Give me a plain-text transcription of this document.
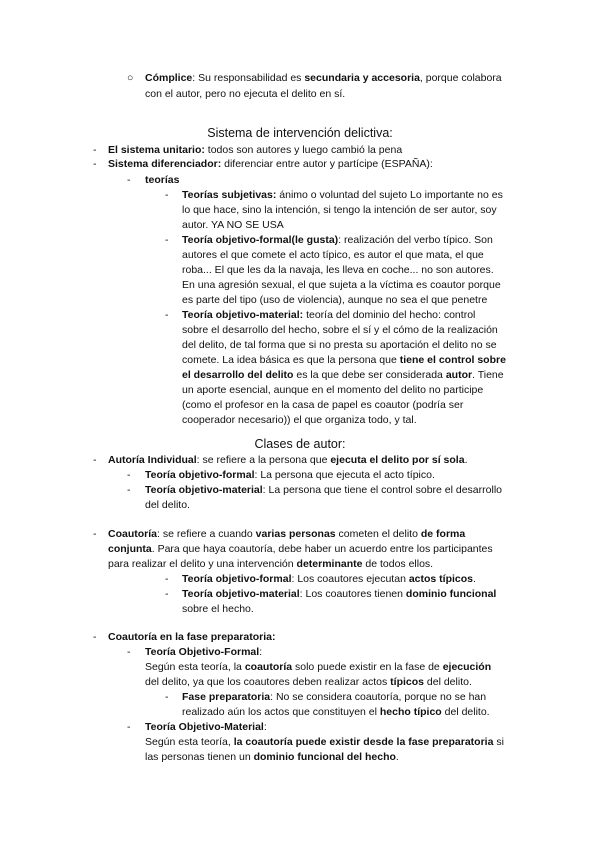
○ Cómplice: Su responsabilidad es secundaria y accesoria, porque colabora
con el autor, pero no ejecuta el delito en sí.
Sistema de intervención delictiva:
- El sistema unitario: todos son autores y luego cambió la pena
- Sistema diferenciador: diferenciar entre autor y partícipe (ESPAÑA):
- teorías
- Teorías subjetivas: ánimo o voluntad del sujeto Lo importante no es
lo que hace, sino la intención, si tengo la intención de ser autor, soy
autor. YA NO SE USA
- Teoría objetivo-formal(le gusta): realización del verbo típico. Son
autores el que comete el acto típico, es autor el que mata, el que
roba... El que les da la navaja, les lleva en coche... no son autores.
En una agresión sexual, el que sujeta a la víctima es coautor porque
es parte del tipo (uso de violencia), aunque no sea el que penetre
- Teoría objetivo-material: teoría del dominio del hecho: control
sobre el desarrollo del hecho, sobre el sí y el cómo de la realización
del delito, de tal forma que si no presta su aportación el delito no se
comete. La idea básica es que la persona que tiene el control sobre
el desarrollo del delito es la que debe ser considerada autor. Tiene
un aporte esencial, aunque en el momento del delito no participe
(como el profesor en la casa de papel es coautor (podría ser
cooperador necesario)) el que organiza todo, y tal.
Clases de autor:
- Autoría Individual: se refiere a la persona que ejecuta el delito por sí sola.
- Teoría objetivo-formal: La persona que ejecuta el acto típico.
- Teoría objetivo-material: La persona que tiene el control sobre el desarrollo
del delito.
- Coautoría: se refiere a cuando varias personas cometen el delito de forma
conjunta. Para que haya coautoría, debe haber un acuerdo entre los participantes
para realizar el delito y una intervención determinante de todos ellos.
- Teoría objetivo-formal: Los coautores ejecutan actos típicos.
- Teoría objetivo-material: Los coautores tienen dominio funcional
sobre el hecho.
- Coautoría en la fase preparatoria:
- Teoría Objetivo-Formal:
Según esta teoría, la coautoría solo puede existir en la fase de ejecución
del delito, ya que los coautores deben realizar actos típicos del delito.
- Fase preparatoria: No se considera coautoría, porque no se han
realizado aún los actos que constituyen el hecho típico del delito.
- Teoría Objetivo-Material:
Según esta teoría, la coautoría puede existir desde la fase preparatoria si
las personas tienen un dominio funcional del hecho.
